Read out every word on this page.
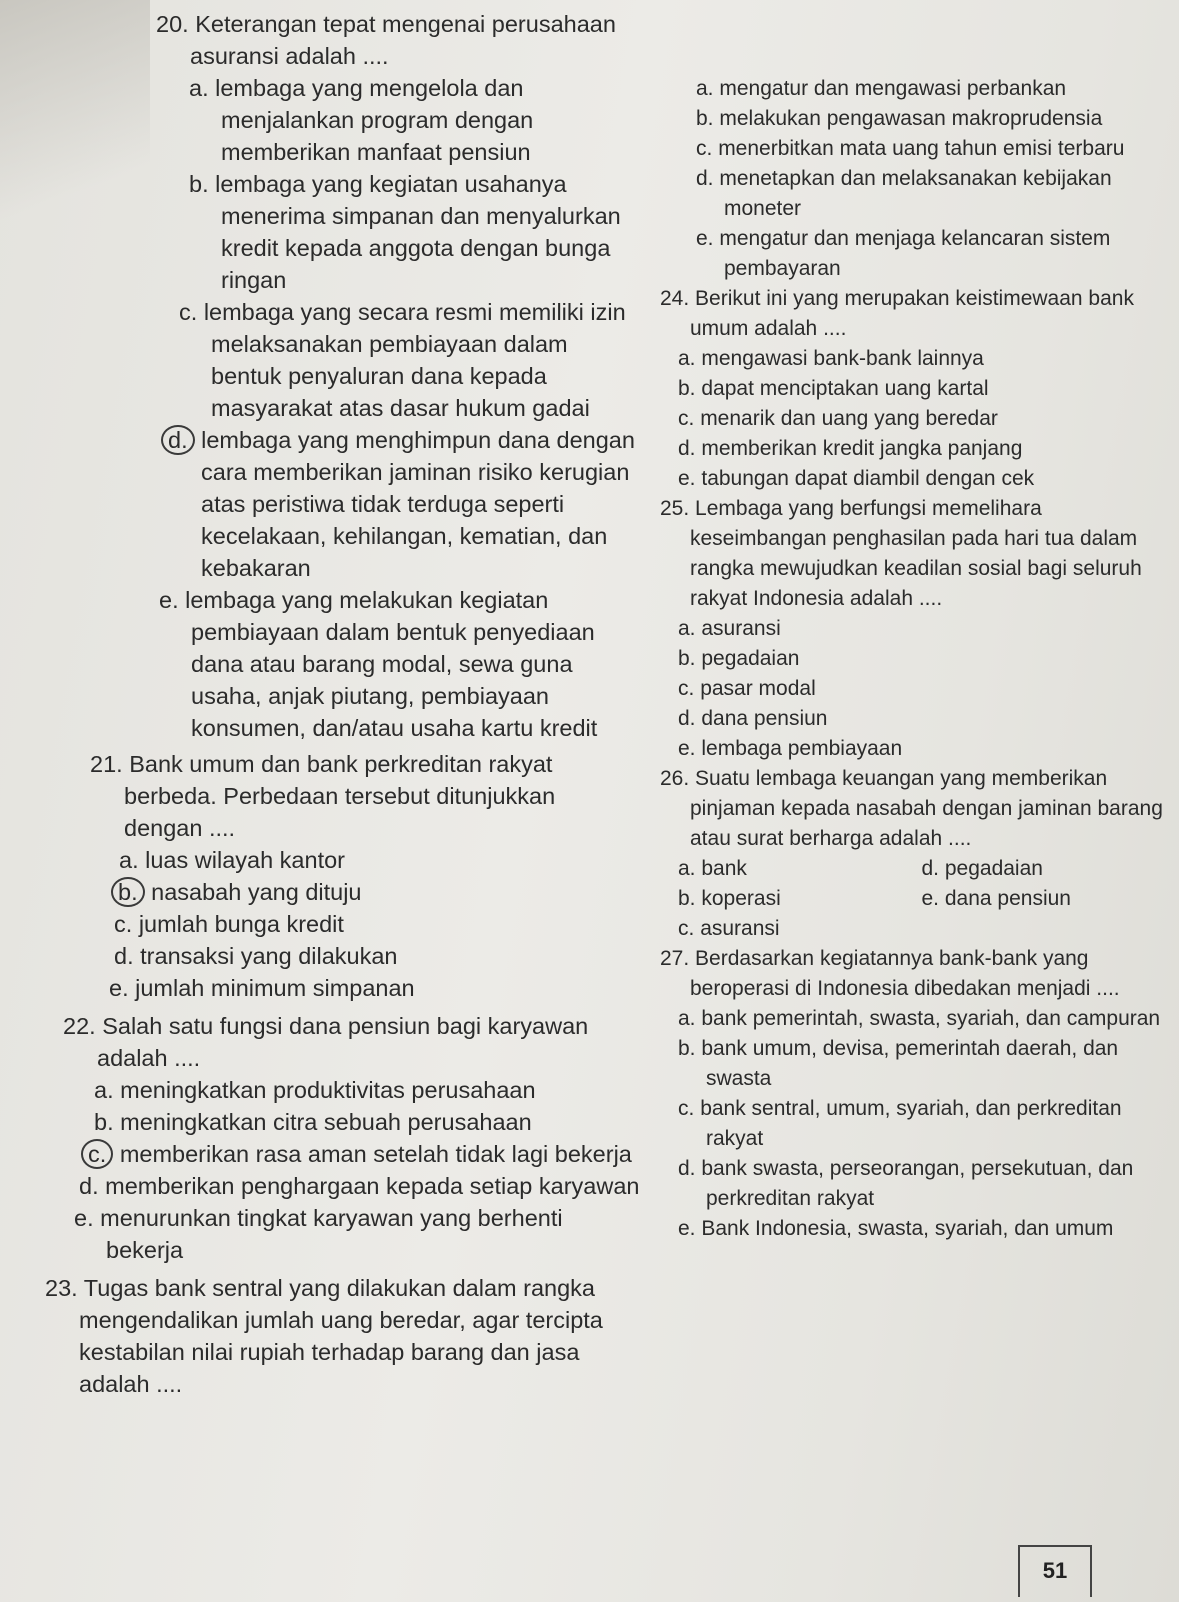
20. Keterangan tepat mengenai perusahaan asuransi adalah ....

a. lembaga yang mengelola dan menjalankan program dengan memberikan manfaat pensiun

b. lembaga yang kegiatan usahanya menerima simpanan dan menyalurkan kredit kepada anggota dengan bunga ringan

c. lembaga yang secara resmi memiliki izin melaksanakan pembiayaan dalam bentuk penyaluran dana kepada masyarakat atas dasar hukum gadai

d. lembaga yang menghimpun dana dengan cara memberikan jaminan risiko kerugian atas peristiwa tidak terduga seperti kecelakaan, kehilangan, kematian, dan kebakaran

e. lembaga yang melakukan kegiatan pembiayaan dalam bentuk penyediaan dana atau barang modal, sewa guna usaha, anjak piutang, pembiayaan konsumen, dan/atau usaha kartu kredit

21. Bank umum dan bank perkreditan rakyat berbeda. Perbedaan tersebut ditunjukkan dengan ....

a. luas wilayah kantor

b. nasabah yang dituju

c. jumlah bunga kredit

d. transaksi yang dilakukan

e. jumlah minimum simpanan

22. Salah satu fungsi dana pensiun bagi karyawan adalah ....

a. meningkatkan produktivitas perusahaan

b. meningkatkan citra sebuah perusahaan

c. memberikan rasa aman setelah tidak lagi bekerja

d. memberikan penghargaan kepada setiap karyawan

e. menurunkan tingkat karyawan yang berhenti bekerja

23. Tugas bank sentral yang dilakukan dalam rangka mengendalikan jumlah uang beredar, agar tercipta kestabilan nilai rupiah terhadap barang dan jasa adalah ....

a. mengatur dan mengawasi perbankan

b. melakukan pengawasan makroprudensia

c. menerbitkan mata uang tahun emisi terbaru

d. menetapkan dan melaksanakan kebijakan moneter

e. mengatur dan menjaga kelancaran sistem pembayaran

24. Berikut ini yang merupakan keistimewaan bank umum adalah ....

a. mengawasi bank-bank lainnya

b. dapat menciptakan uang kartal

c. menarik dan uang yang beredar

d. memberikan kredit jangka panjang

e. tabungan dapat diambil dengan cek

25. Lembaga yang berfungsi memelihara keseimbangan penghasilan pada hari tua dalam rangka mewujudkan keadilan sosial bagi seluruh rakyat Indonesia adalah ....

a. asuransi

b. pegadaian

c. pasar modal

d. dana pensiun

e. lembaga pembiayaan

26. Suatu lembaga keuangan yang memberikan pinjaman kepada nasabah dengan jaminan barang atau surat berharga adalah ....

a. bank	d. pegadaian
b. koperasi	e. dana pensiun
c. asuransi

27. Berdasarkan kegiatannya bank-bank yang beroperasi di Indonesia dibedakan menjadi ....

a. bank pemerintah, swasta, syariah, dan campuran

b. bank umum, devisa, pemerintah daerah, dan swasta

c. bank sentral, umum, syariah, dan perkreditan rakyat

d. bank swasta, perseorangan, persekutuan, dan perkreditan rakyat

e. Bank Indonesia, swasta, syariah, dan umum

51
